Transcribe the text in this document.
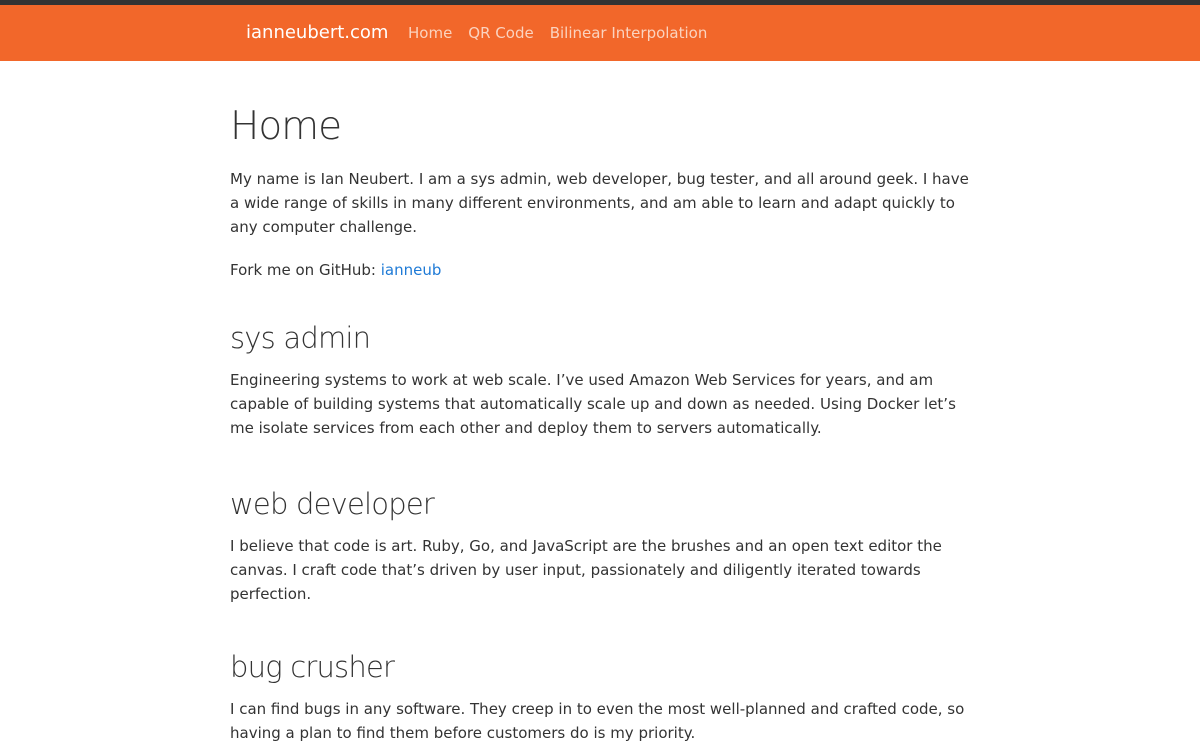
ianneubert.com	Home	QR Code	Bilinear Interpolation
Home

My name is Ian Neubert. I am a sys admin, web developer, bug tester, and all around geek. I have a wide range of skills in many different environments, and am able to learn and adapt quickly to any computer challenge.

Fork me on GitHub: ianneub

sys admin

Engineering systems to work at web scale. I’ve used Amazon Web Services for years, and am capable of building systems that automatically scale up and down as needed. Using Docker let’s me isolate services from each other and deploy them to servers automatically.

web developer

I believe that code is art. Ruby, Go, and JavaScript are the brushes and an open text editor the canvas. I craft code that’s driven by user input, passionately and diligently iterated towards perfection.

bug crusher

I can find bugs in any software. They creep in to even the most well-planned and crafted code, so having a plan to find them before customers do is my priority.
